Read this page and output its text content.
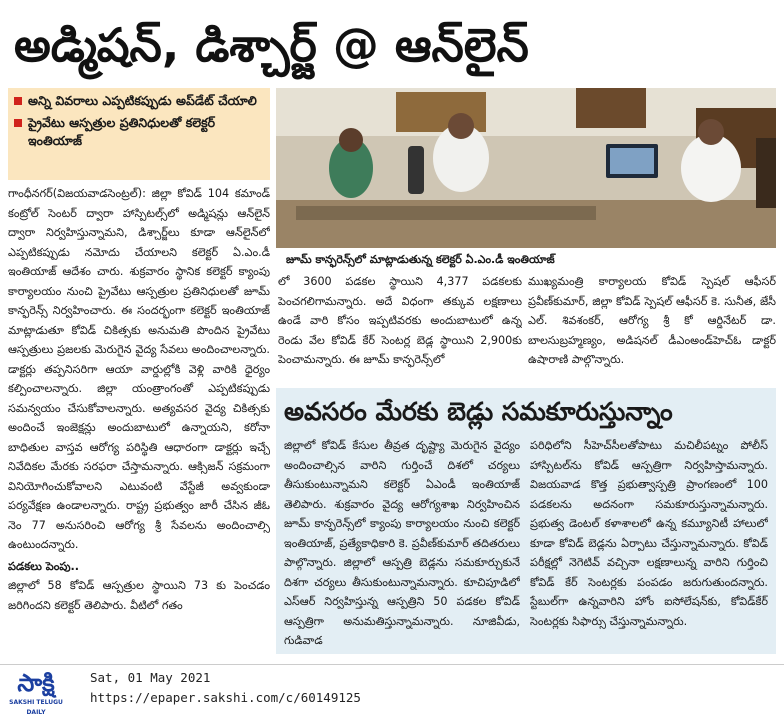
అడ్మిషన్, డిశ్చార్జ్ @ ఆన్‌లైన్
అన్ని వివరాలు ఎప్పటికప్పుడు అప్‌డేట్ చేయాలి
ప్రైవేటు ఆస్పత్రుల ప్రతినిధులతో కలెక్టర్ ఇంతియాజ్
జూమ్ కాన్ఫరెన్స్‌లో మాట్లాడుతున్న కలెక్టర్ ఏ.ఎం.డీ ఇంతియాజ్
గాంధీనగర్(విజయవాడసెంట్రల్): జిల్లా కోవిడ్ 104 కమాండ్ కంట్రోల్ సెంటర్ ద్వారా హాస్పిటల్స్‌లో అడ్మిషన్లు ఆన్‌లైన్ ద్వారా నిర్వహిస్తున్నామని, డిశ్చార్జ్‌లు కూడా ఆన్‌లైన్‌లో ఎప్పటికప్పుడు నమోదు చేయాలని కలెక్టర్ ఏ.ఎం.డీ ఇంతియాజ్ ఆదేశం చారు. శుక్రవారం స్థానిక కలెక్టర్ క్యాంపు కార్యాలయం నుంచి ప్రైవేటు ఆస్పత్రుల ప్రతినిధులతో జూమ్ కాన్ఫరెన్స్ నిర్వహించారు. ఈ సందర్భంగా కలెక్టర్ ఇంతియాజ్ మాట్లాడుతూ కోవిడ్ చికిత్సకు అనుమతి పొందిన ప్రైవేటు ఆస్పత్రులు ప్రజలకు మెరుగైన వైద్య సేవలు అందించాలన్నారు. డాక్టర్లు తప్పనిసరిగా ఆయా వార్డుల్లోకి వెళ్లి వారికి ధైర్యం కల్పించాలన్నారు. జిల్లా యంత్రాంగంతో ఎప్పటికప్పుడు సమన్వయం చేసుకోవాలన్నారు. అత్యవసర వైద్య చికిత్సకు అందించే ఇంజెక్షన్లు అందుబాటులో ఉన్నాయని, కరోనా బాధితుల వాస్తవ ఆరోగ్య పరిస్థితి ఆధారంగా డాక్టర్లు ఇచ్చే నివేదికల మేరకు సరఫరా చేస్తామన్నారు. ఆక్సిజన్ సక్రమంగా వినియోగించుకోవాలని ఎటువంటి వేస్టేజీ అవ్వకుండా పర్యవేక్షణ ఉండాలన్నారు. రాష్ట్ర ప్రభుత్వం జారీ చేసిన జీఓ నెం 77 అనుసరించి ఆరోగ్య శ్రీ సేవలను అందించాల్సి ఉంటుందన్నారు.
పడకలు పెంపు..
జిల్లాలో 58 కోవిడ్ ఆస్పత్రుల స్థాయిని 73 కు పెంచడం జరిగిందని కలెక్టర్ తెలిపారు. వీటిలో గతం
లో 3600 పడకల స్థాయిని 4,377 పడకలకు పెంచగలిగామన్నారు. అదే విధంగా తక్కువ లక్షణాలు ఉండే వారి కోసం ఇప్పటివరకు అందుబాటులో ఉన్న రెండు వేల కోవిడ్ కేర్ సెంటర్ల బెడ్ల స్థాయిని 2,900కు పెంచామన్నారు. ఈ జూమ్ కాన్ఫరెన్స్‌లో
ముఖ్యమంత్రి కార్యాలయ కోవిడ్ స్పెషల్ ఆఫీసర్ ప్రవీణ్‌కుమార్, జిల్లా కోవిడ్ స్పెషల్ ఆఫీసర్ కె. సునీత, జేసీ ఎల్. శివశంకర్, ఆరోగ్య శ్రీ కో ఆర్డినేటర్ డా. బాలసుబ్రహ్మణ్యం, అడిషనల్ డీఎంఅండ్‌హెచ్ఓ డాక్టర్ ఉషారాణి పాల్గొన్నారు.
అవసరం మేరకు బెడ్లు సమకూరుస్తున్నాం
జిల్లాలో కోవిడ్ కేసుల తీవ్రత దృష్ట్యా మెరుగైన వైద్యం అందించాల్సిన వారిని గుర్తించే దిశలో చర్యలు తీసుకుంటున్నామని కలెక్టర్ ఏఎండీ ఇంతియాజ్ తెలిపారు. శుక్రవారం వైద్య ఆరోగ్యశాఖ నిర్వహించిన జూమ్ కాన్ఫరెన్స్‌లో క్యాంపు కార్యాలయం నుంచి కలెక్టర్ ఇంతియాజ్, ప్రత్యేకాధికారి కె. ప్రవీణ్‌కుమార్ తదితరులు పాల్గొన్నారు. జిల్లాలో ఆస్పత్రి బెడ్లను సమకూర్చుకునే దిశగా చర్యలు తీసుకుంటున్నామన్నారు. కూచిపూడిలో ఎస్ఆర్ నిర్వహిస్తున్న ఆస్పత్రిని 50 పడకల కోవిడ్ ఆస్పత్రిగా అనుమతిస్తున్నామన్నారు. నూజివీడు, గుడివాడ
పరిధిలోని సీహెచ్‌సీలతోపాటు మచిలీపట్నం పోలీస్ హాస్పిటల్‌ను కోవిడ్ ఆస్పత్రిగా నిర్వహిస్తామన్నారు. విజయవాడ కొత్త ప్రభుత్వాస్పత్రి ప్రాంగణంలో 100 పడకలను అదనంగా సమకూరుస్తున్నామన్నారు. ప్రభుత్వ డెంటల్ కళాశాలలో ఉన్న కమ్యూనిటీ హాలులో కూడా కోవిడ్ బెడ్లను ఏర్పాటు చేస్తున్నామన్నారు. కోవిడ్ పరీక్షల్లో నెగెటివ్ వచ్చినా లక్షణాలున్న వారిని గుర్తించి కోవిడ్ కేర్ సెంటర్లకు పంపడం జరుగుతుందన్నారు. స్టేబుల్‌గా ఉన్నవారిని హోం ఐసోలేషన్‌కు, కోవిడ్‌కేర్ సెంటర్లకు సిఫార్సు చేస్తున్నామన్నారు.
సాక్షి
SAKSHI TELUGU DAILY
Sat, 01 May 2021
https://epaper.sakshi.com/c/60149125
